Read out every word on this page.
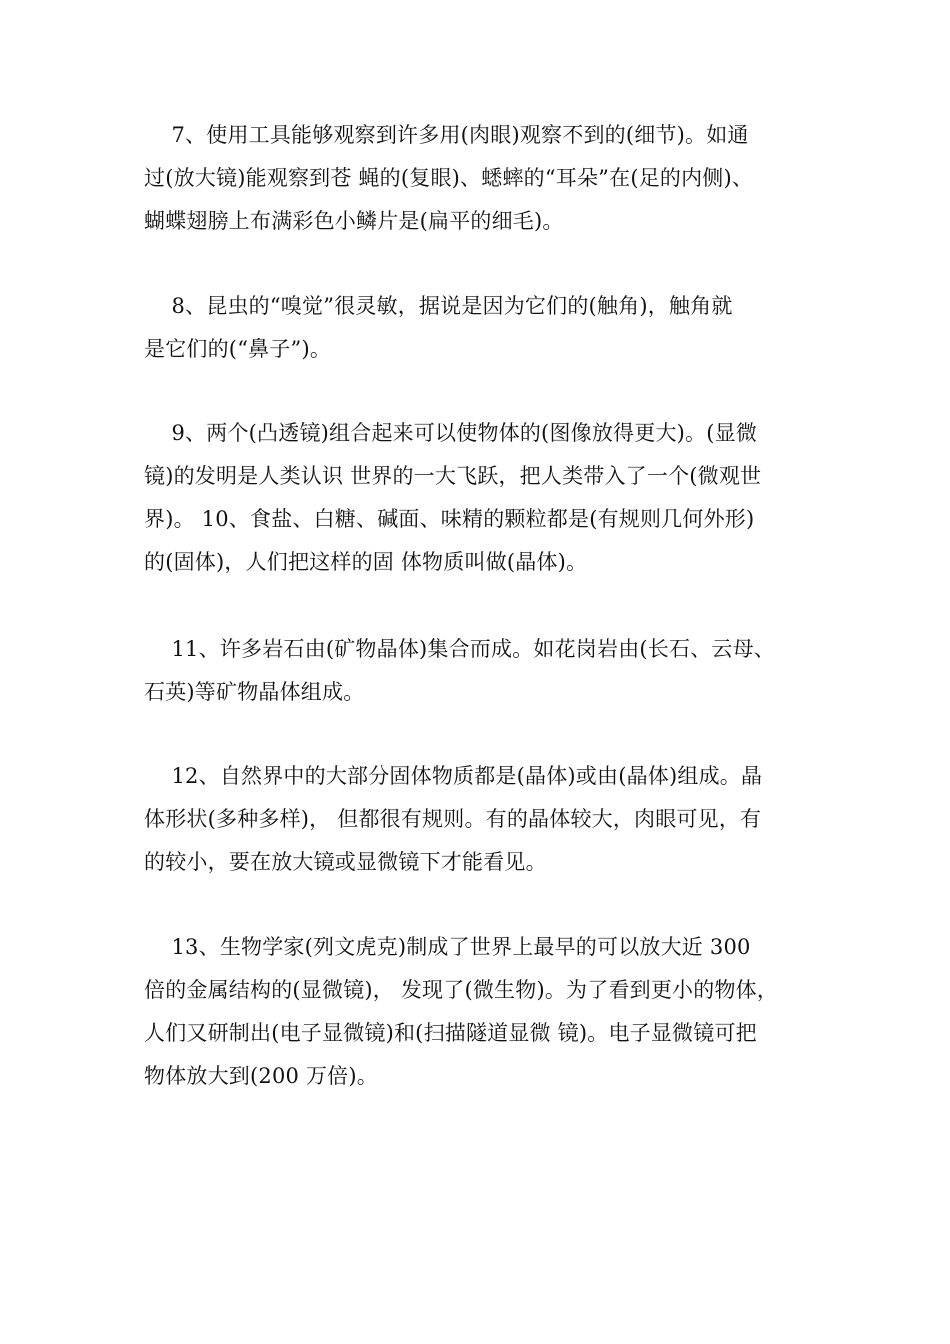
7、使用工具能够观察到许多用(肉眼)观察不到的(细节)。如通
过(放大镜)能观察到苍 蝇的(复眼)、蟋蟀的“耳朵”在(足的内侧)、
蝴蝶翅膀上布满彩色小鳞片是(扁平的细毛)。
8、昆虫的“嗅觉”很灵敏，据说是因为它们的(触角)，触角就
是它们的(“鼻子”)。
9、两个(凸透镜)组合起来可以使物体的(图像放得更大)。(显微
镜)的发明是人类认识 世界的一大飞跃，把人类带入了一个(微观世
界)。 10、食盐、白糖、碱面、味精的颗粒都是(有规则几何外形)
的(固体)，人们把这样的固 体物质叫做(晶体)。
11、许多岩石由(矿物晶体)集合而成。如花岗岩由(长石、云母、
石英)等矿物晶体组成。
12、自然界中的大部分固体物质都是(晶体)或由(晶体)组成。晶
体形状(多种多样)， 但都很有规则。有的晶体较大，肉眼可见，有
的较小，要在放大镜或显微镜下才能看见。
13、生物学家(列文虎克)制成了世界上最早的可以放大近 300
倍的金属结构的(显微镜)， 发现了(微生物)。为了看到更小的物体，
人们又研制出(电子显微镜)和(扫描隧道显微 镜)。电子显微镜可把
物体放大到(200 万倍)。
